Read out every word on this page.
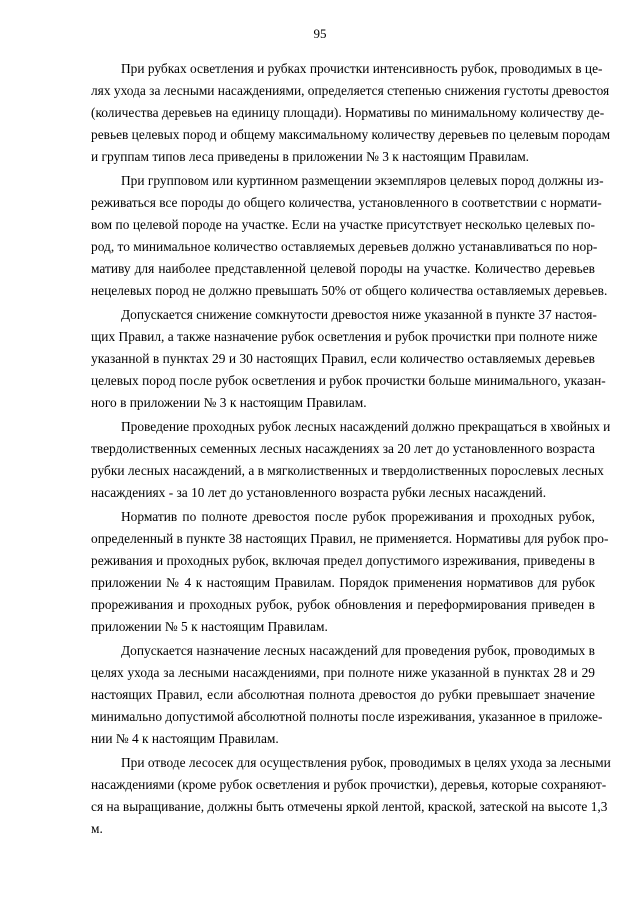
95
При рубках осветления и рубках прочистки интенсивность рубок, проводимых в це-
лях ухода за лесными насаждениями, определяется степенью снижения густоты древостоя
(количества деревьев на единицу площади). Нормативы по минимальному количеству де-
ревьев целевых пород и общему максимальному количеству деревьев по целевым породам
и группам типов леса приведены в приложении № 3 к настоящим Правилам.
При групповом или куртинном размещении экземпляров целевых пород должны из-
реживаться все породы до общего количества, установленного в соответствии с нормати-
вом по целевой породе на участке. Если на участке присутствует несколько целевых по-
род, то минимальное количество оставляемых деревьев должно устанавливаться по нор-
мативу для наиболее представленной целевой породы на участке. Количество деревьев
нецелевых пород не должно превышать 50% от общего количества оставляемых деревьев.
Допускается снижение сомкнутости древостоя ниже указанной в пункте 37 настоя-
щих Правил, а также назначение рубок осветления и рубок прочистки при полноте ниже
указанной в пунктах 29 и 30 настоящих Правил, если количество оставляемых деревьев
целевых пород после рубок осветления и рубок прочистки больше минимального, указан-
ного в приложении № 3 к настоящим Правилам.
Проведение проходных рубок лесных насаждений должно прекращаться в хвойных и
твердолиственных семенных лесных насаждениях за 20 лет до установленного возраста
рубки лесных насаждений, а в мягколиственных и твердолиственных порослевых лесных
насаждениях - за 10 лет до установленного возраста рубки лесных насаждений.
Норматив по полноте древостоя после рубок прореживания и проходных рубок,
определенный в пункте 38 настоящих Правил, не применяется. Нормативы для рубок про-
реживания и проходных рубок, включая предел допустимого изреживания, приведены в
приложении № 4 к настоящим Правилам. Порядок применения нормативов для рубок
прореживания и проходных рубок, рубок обновления и переформирования приведен в
приложении № 5 к настоящим Правилам.
Допускается назначение лесных насаждений для проведения рубок, проводимых в
целях ухода за лесными насаждениями, при полноте ниже указанной в пунктах 28 и 29
настоящих Правил, если абсолютная полнота древостоя до рубки превышает значение
минимально допустимой абсолютной полноты после изреживания, указанное в приложе-
нии № 4 к настоящим Правилам.
При отводе лесосек для осуществления рубок, проводимых в целях ухода за лесными
насаждениями (кроме рубок осветления и рубок прочистки), деревья, которые сохраняют-
ся на выращивание, должны быть отмечены яркой лентой, краской, затеской на высоте 1,3
м.
